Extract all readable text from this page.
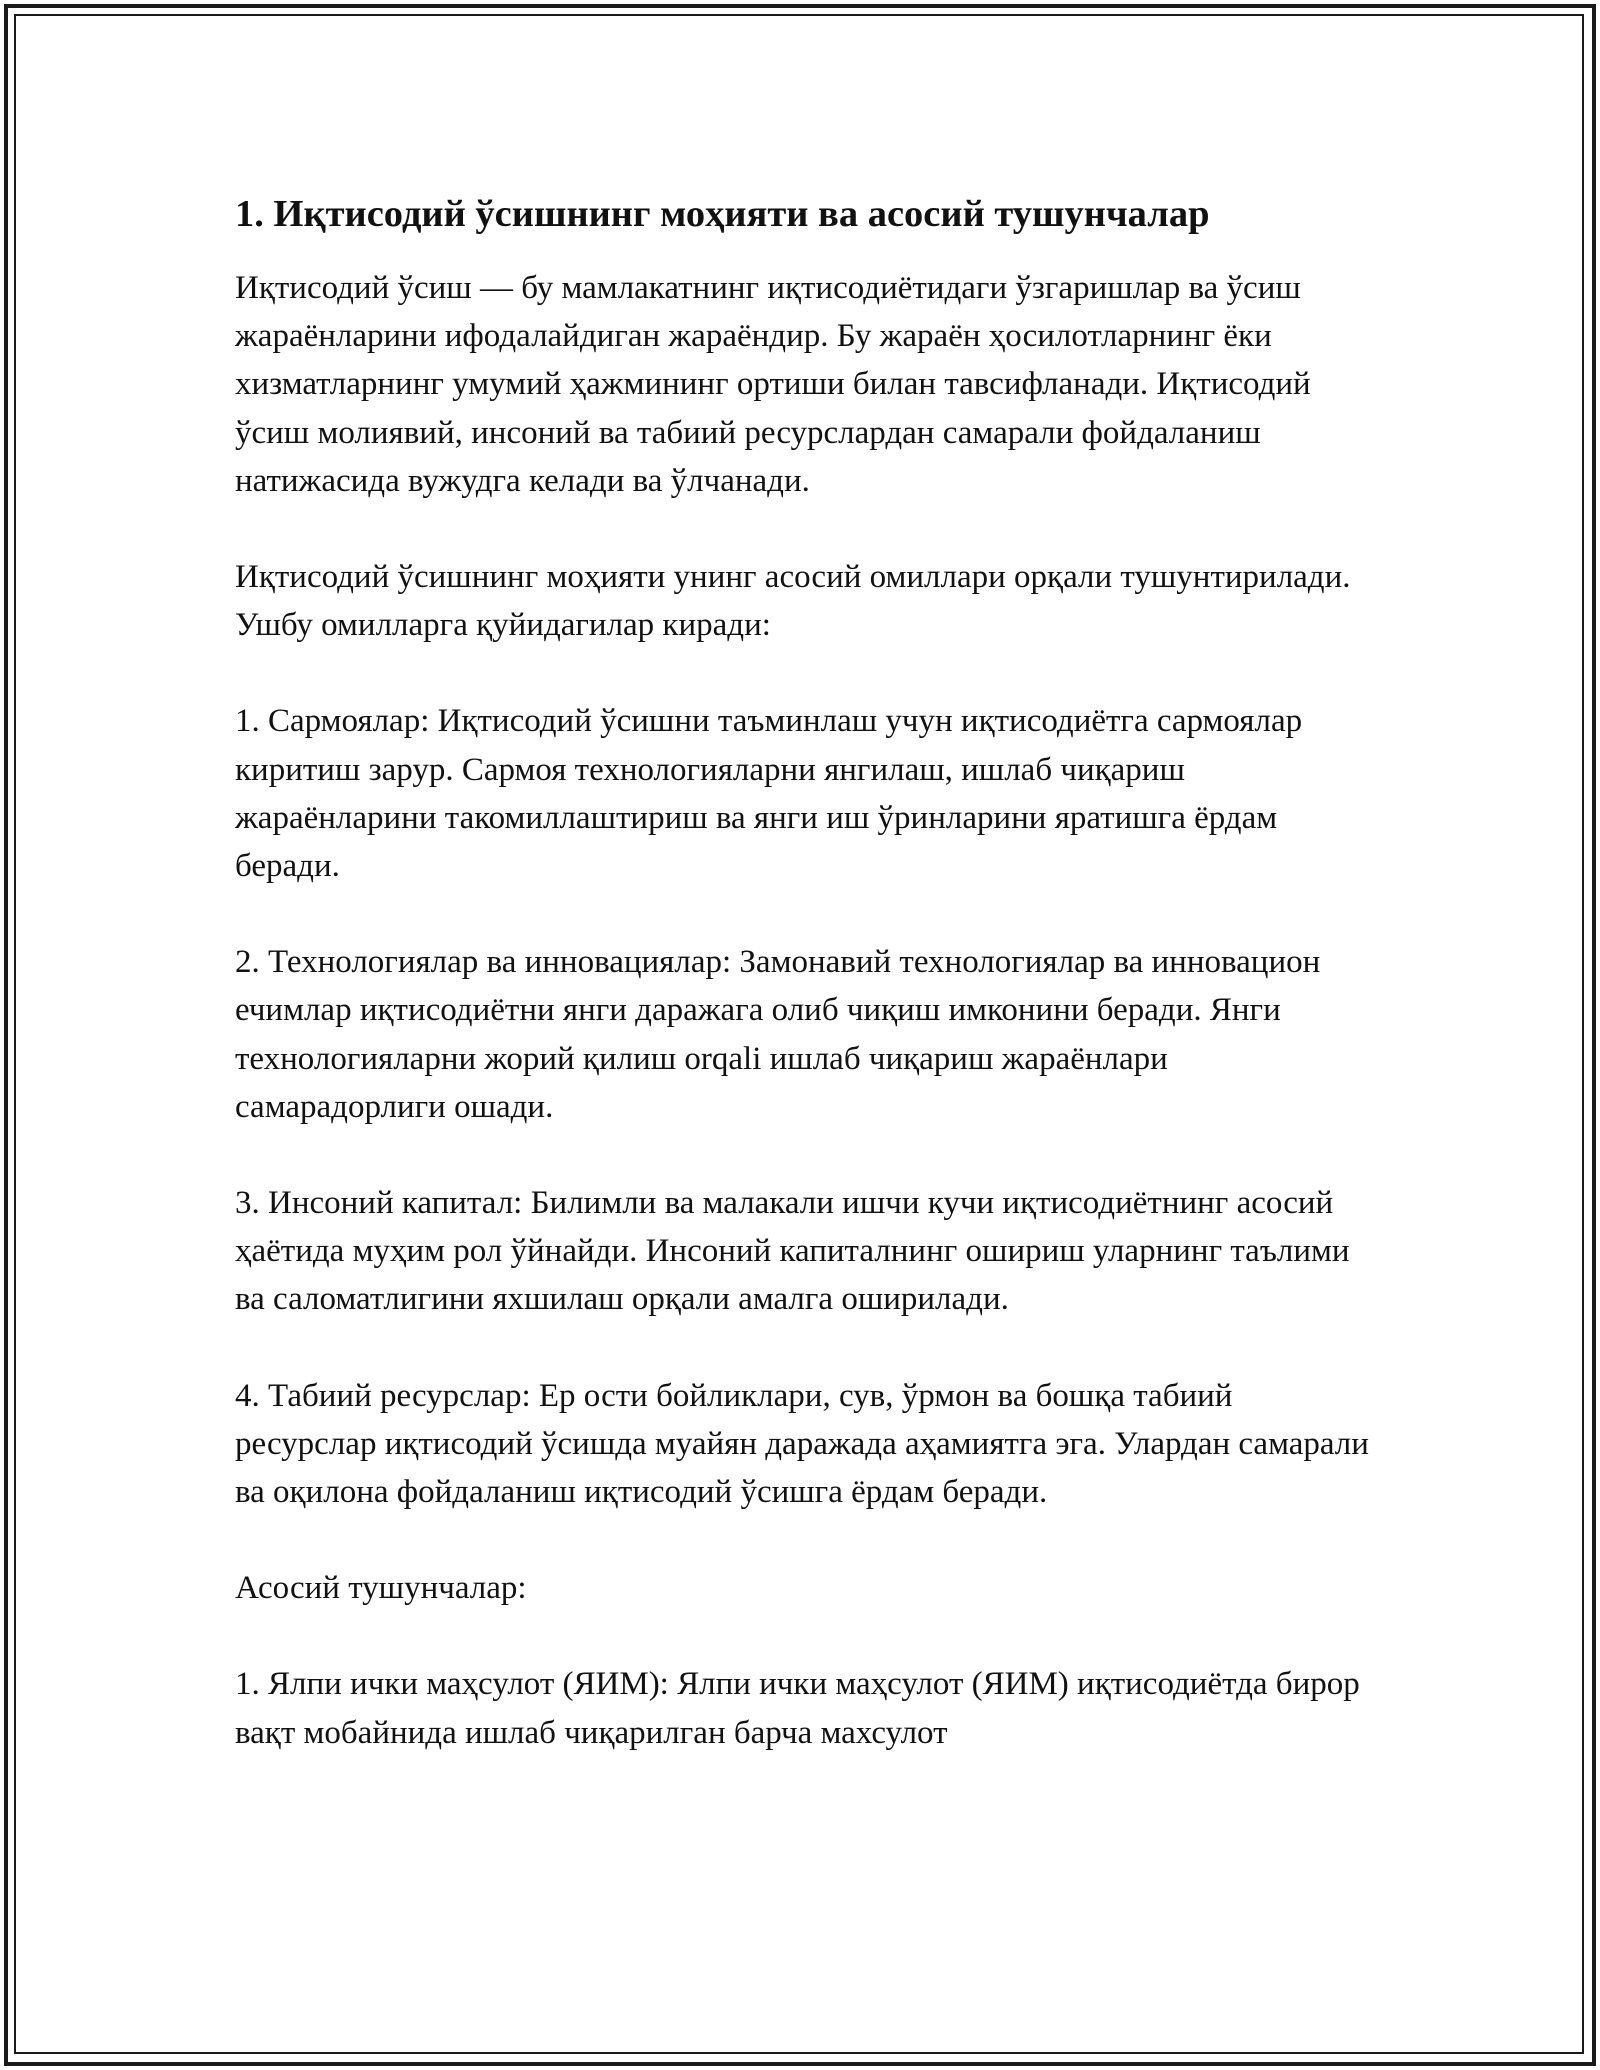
1. Иқтисодий ўсишнинг моҳияти ва асосий тушунчалар

Иқтисодий ўсиш — бу мамлакатнинг иқтисодиётидаги ўзгаришлар ва ўсиш жараёнларини ифодалайдиган жараёндир. Бу жараён ҳосилотларнинг ёки хизматларнинг умумий ҳажмининг ортиши билан тавсифланади. Иқтисодий ўсиш молиявий, инсоний ва табиий ресурслардан самарали фойдаланиш натижасида вужудга келади ва ўлчанади.

Иқтисодий ўсишнинг моҳияти унинг асосий омиллари орқали тушунтирилади. Ушбу омилларга қуйидагилар киради:

1. Сармоялар: Иқтисодий ўсишни таъминлаш учун иқтисодиётга сармоялар киритиш зарур. Сармоя технологияларни янгилаш, ишлаб чиқариш жараёнларини такомиллаштириш ва янги иш ўринларини яратишга ёрдам беради.

2. Технологиялар ва инновациялар: Замонавий технологиялар ва инновацион ечимлар иқтисодиётни янги даражага олиб чиқиш имконини беради. Янги технологияларни жорий қилиш orqali ишлаб чиқариш жараёнлари самарадорлиги ошади.

3. Инсоний капитал: Билимли ва малакали ишчи кучи иқтисодиётнинг асосий ҳаётида муҳим рол ўйнайди. Инсоний капиталнинг ошириш уларнинг таълими ва саломатлигини яхшилаш орқали амалга оширилади.

4. Табиий ресурслар: Ер ости бойликлари, сув, ўрмон ва бошқа табиий ресурслар иқтисодий ўсишда муайян даражада аҳамиятга эга. Улардан самарали ва оқилона фойдаланиш иқтисодий ўсишга ёрдам беради.

Асосий тушунчалар:

1. Ялпи ички маҳсулот (ЯИМ): Ялпи ички маҳсулот (ЯИМ) иқтисодиётда бирор вақт мобайнида ишлаб чиқарилган барча махсулот
